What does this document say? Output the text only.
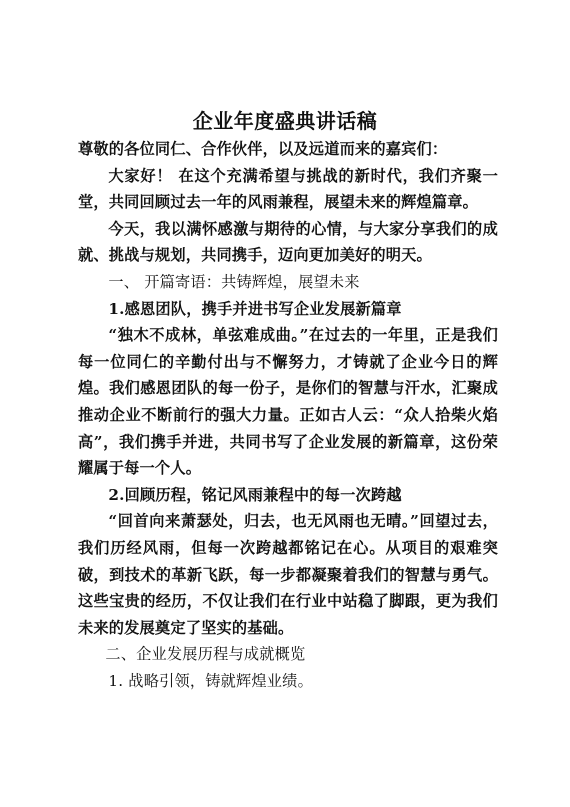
企业年度盛典讲话稿

尊敬的各位同仁、合作伙伴，以及远道而来的嘉宾们：

大家好！ 在这个充满希望与挑战的新时代，我们齐聚一堂，共同回顾过去一年的风雨兼程，展望未来的辉煌篇章。

今天，我以满怀感激与期待的心情，与大家分享我们的成就、挑战与规划，共同携手，迈向更加美好的明天。

一、 开篇寄语：共铸辉煌，展望未来

1.感恩团队，携手并进书写企业发展新篇章

“独木不成林，单弦难成曲。”在过去的一年里，正是我们每一位同仁的辛勤付出与不懈努力，才铸就了企业今日的辉煌。我们感恩团队的每一份子，是你们的智慧与汗水，汇聚成推动企业不断前行的强大力量。正如古人云：“众人拾柴火焰高”，我们携手并进，共同书写了企业发展的新篇章，这份荣耀属于每一个人。

2.回顾历程，铭记风雨兼程中的每一次跨越

“回首向来萧瑟处，归去，也无风雨也无晴。”回望过去，我们历经风雨，但每一次跨越都铭记在心。从项目的艰难突破，到技术的革新飞跃，每一步都凝聚着我们的智慧与勇气。这些宝贵的经历，不仅让我们在行业中站稳了脚跟，更为我们未来的发展奠定了坚实的基础。

二、企业发展历程与成就概览

1. 战略引领，铸就辉煌业绩。
